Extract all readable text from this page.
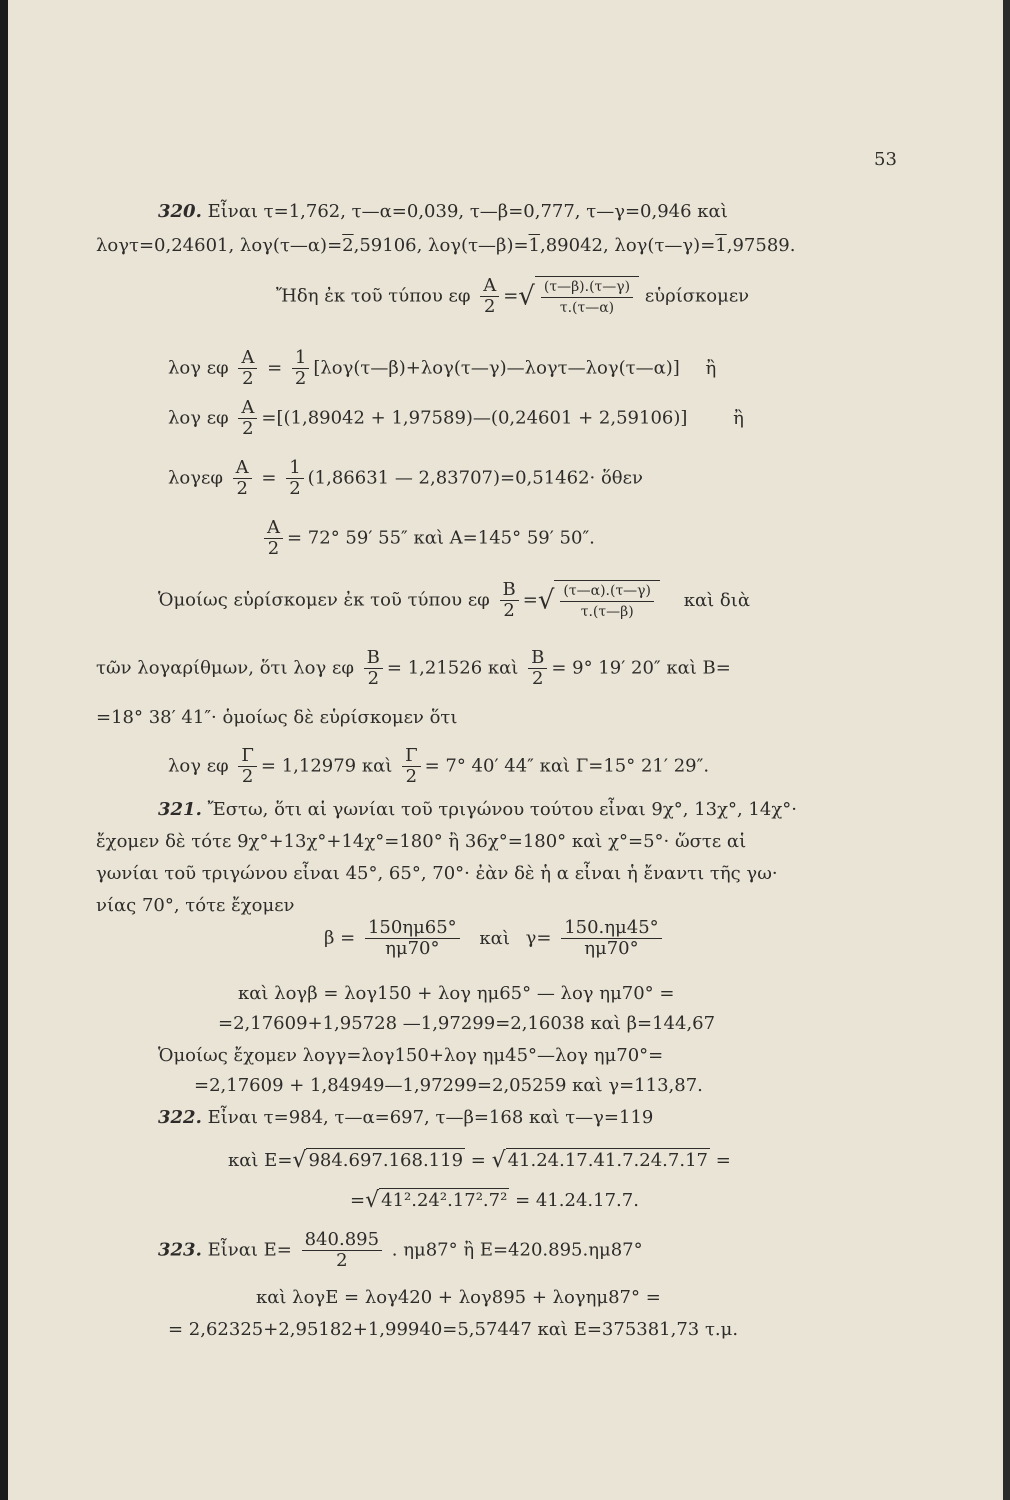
53
320. Εἶναι τ=1,762, τ—α=0,039, τ—β=0,777, τ—γ=0,946 καὶ
λογτ=0,24601, λογ(τ—α)=2,59106, λογ(τ—β)=1,89042, λογ(τ—γ)=1,97589.
Ἤδη ἐκ τοῦ τύπου εφ $\frac{A}{2}$ =√ $\frac{(\tau—\beta).(\tau—\gamma)}{\tau.(\tau—\alpha)}$ εὑρίσκομεν
λογ εφ $\frac{A}{2} = \frac{1}{2}$ [λογ(τ—β)+λογ(τ—γ)—λογτ—λογ(τ—α)] ἢ
λογ εφ $\frac{A}{2} =[(1,89042$ + 1,97589)—(0,24601 + 2,59106)]	ἢ
λογεφ $\frac{A}{2} = \frac{1}{2} (1,86631$ — 2,83707)=0,51462· ὅθεν
$\frac{A}{2} = 72^\circ$ 59′ 55″ καὶ A=145° 59′ 50″.
Ὁμοίως εὑρίσκομεν ἐκ τοῦ τύπου εφ $\frac{B}{2}$ =√ $\frac{(\tau—\alpha).(\tau—\gamma)}{\tau.(\tau—\beta)}$ καὶ διὰ
τῶν λογαρίθμων, ὅτι λογ εφ $\frac{B}{2} = 1,21526$ καὶ $\frac{B}{2} = 9^\circ$ 19′ 20″ καὶ B=
=18° 38′ 41″· ὁμοίως δὲ εὑρίσκομεν ὅτι
λογ εφ $\frac{\Gamma}{2} = 1,12979$ καὶ $\frac{\Gamma}{2} = 7^\circ$ 40′ 44″ καὶ Γ=15° 21′ 29″.
321. Ἔστω, ὅτι αἱ γωνίαι τοῦ τριγώνου τούτου εἶναι 9χ°, 13χ°, 14χ°·
ἔχομεν δὲ τότε 9χ°+13χ°+14χ°=180° ἢ 36χ°=180° καὶ χ°=5°· ὥστε αἱ
γωνίαι τοῦ τριγώνου εἶναι 45°, 65°, 70°· ἐὰν δὲ ἡ α εἶναι ἡ ἔναντι τῆς γω·
νίας 70°, τότε ἔχομεν
$\beta = \frac{150\eta\mu 65^\circ}{\eta\mu 70^\circ}$ καὶ $\gamma= \frac{150.\eta\mu 45^\circ}{\eta\mu 70^\circ}$
καὶ λογβ = λογ150 + λογ ημ65° — λογ ημ70° =
=2,17609+1,95728 —1,97299=2,16038 καὶ β=144,67
Ὁμοίως ἔχομεν λογγ=λογ150+λογ ημ45°—λογ ημ70°=
=2,17609 + 1,84949—1,97299=2,05259 καὶ γ=113,87.
322. Εἶναι τ=984, τ—α=697, τ—β=168 καὶ τ—γ=119
καὶ E=√ 984.697.168.119 = √ 41.24.17.41.7.24.7.17 =
=√ 41².24².17².7² = 41.24.17.7.
323. Εἶναι $E= \frac{840.895}{2}$ . ημ87° ἢ E=420.895.ημ87°
καὶ λογE = λογ420 + λογ895 + λογημ87° =
= 2,62325+2,95182+1,99940=5,57447 καὶ E=375381,73 τ.μ.
